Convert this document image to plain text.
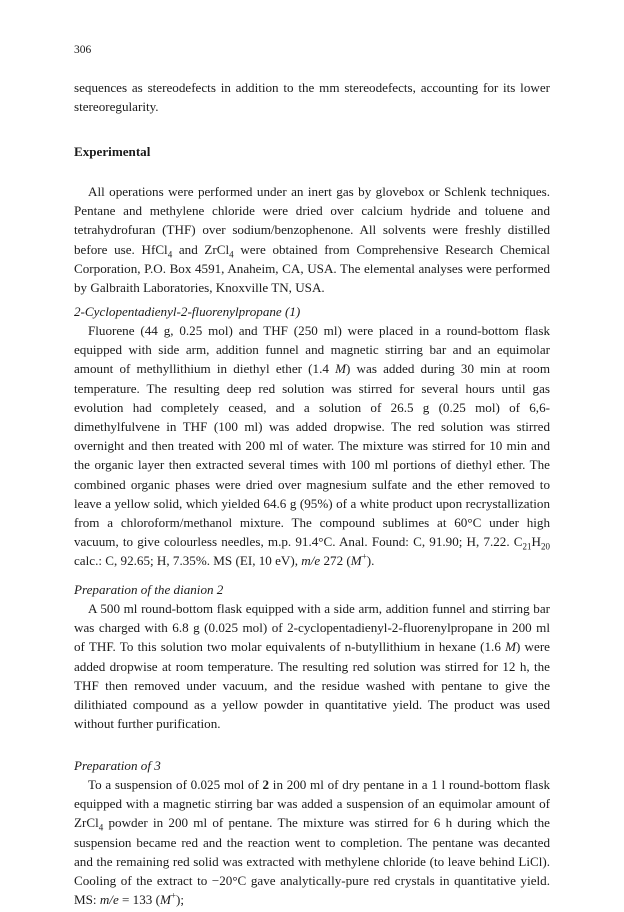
306

sequences as stereodefects in addition to the mm stereodefects, accounting for its lower stereoregularity.

Experimental

All operations were performed under an inert gas by glovebox or Schlenk techniques. Pentane and methylene chloride were dried over calcium hydride and toluene and tetrahydrofuran (THF) over sodium/benzophenone. All solvents were freshly distilled before use. HfCl$_4$ and ZrCl$_4$ were obtained from Comprehensive Research Chemical Corporation, P.O. Box 4591, Anaheim, CA, USA. The elemental analyses were performed by Galbraith Laboratories, Knoxville TN, USA.

2-Cyclopentadienyl-2-fluorenylpropane (1)

Fluorene (44 g, 0.25 mol) and THF (250 ml) were placed in a round-bottom flask equipped with side arm, addition funnel and magnetic stirring bar and an equimolar amount of methyllithium in diethyl ether (1.4 M) was added during 30 min at room temperature. The resulting deep red solution was stirred for several hours until gas evolution had completely ceased, and a solution of 26.5 g (0.25 mol) of 6,6-dimethylfulvene in THF (100 ml) was added dropwise. The red solution was stirred overnight and then treated with 200 ml of water. The mixture was stirred for 10 min and the organic layer then extracted several times with 100 ml portions of diethyl ether. The combined organic phases were dried over magnesium sulfate and the ether removed to leave a yellow solid, which yielded 64.6 g (95%) of a white product upon recrystallization from a chloroform/methanol mixture. The compound sublimes at 60°C under high vacuum, to give colourless needles, m.p. 91.4°C. Anal. Found: C, 91.90; H, 7.22. $C_{21}H_{20}$ calc.: C, 92.65; H, 7.35%. MS (EI, 10 eV), m/e 272 (M+).

Preparation of the dianion 2

A 500 ml round-bottom flask equipped with a side arm, addition funnel and stirring bar was charged with 6.8 g (0.025 mol) of 2-cyclopentadienyl-2-fluorenylpropane in 200 ml of THF. To this solution two molar equivalents of n-butyllithium in hexane (1.6 M) were added dropwise at room temperature. The resulting red solution was stirred for 12 h, the THF then removed under vacuum, and the residue washed with pentane to give the dilithiated compound as a yellow powder in quantitative yield. The product was used without further purification.

Preparation of 3

To a suspension of 0.025 mol of 2 in 200 ml of dry pentane in a 1 l round-bottom flask equipped with a magnetic stirring bar was added a suspension of an equimolar amount of ZrCl$_4$ powder in 200 ml of pentane. The mixture was stirred for 6 h during which the suspension became red and the reaction went to completion. The pentane was decanted and the remaining red solid was extracted with methylene chloride (to leave behind LiCl). Cooling of the extract to −20°C gave analytically-pure red crystals in quantitative yield. MS: m/e = 133 (M+);
